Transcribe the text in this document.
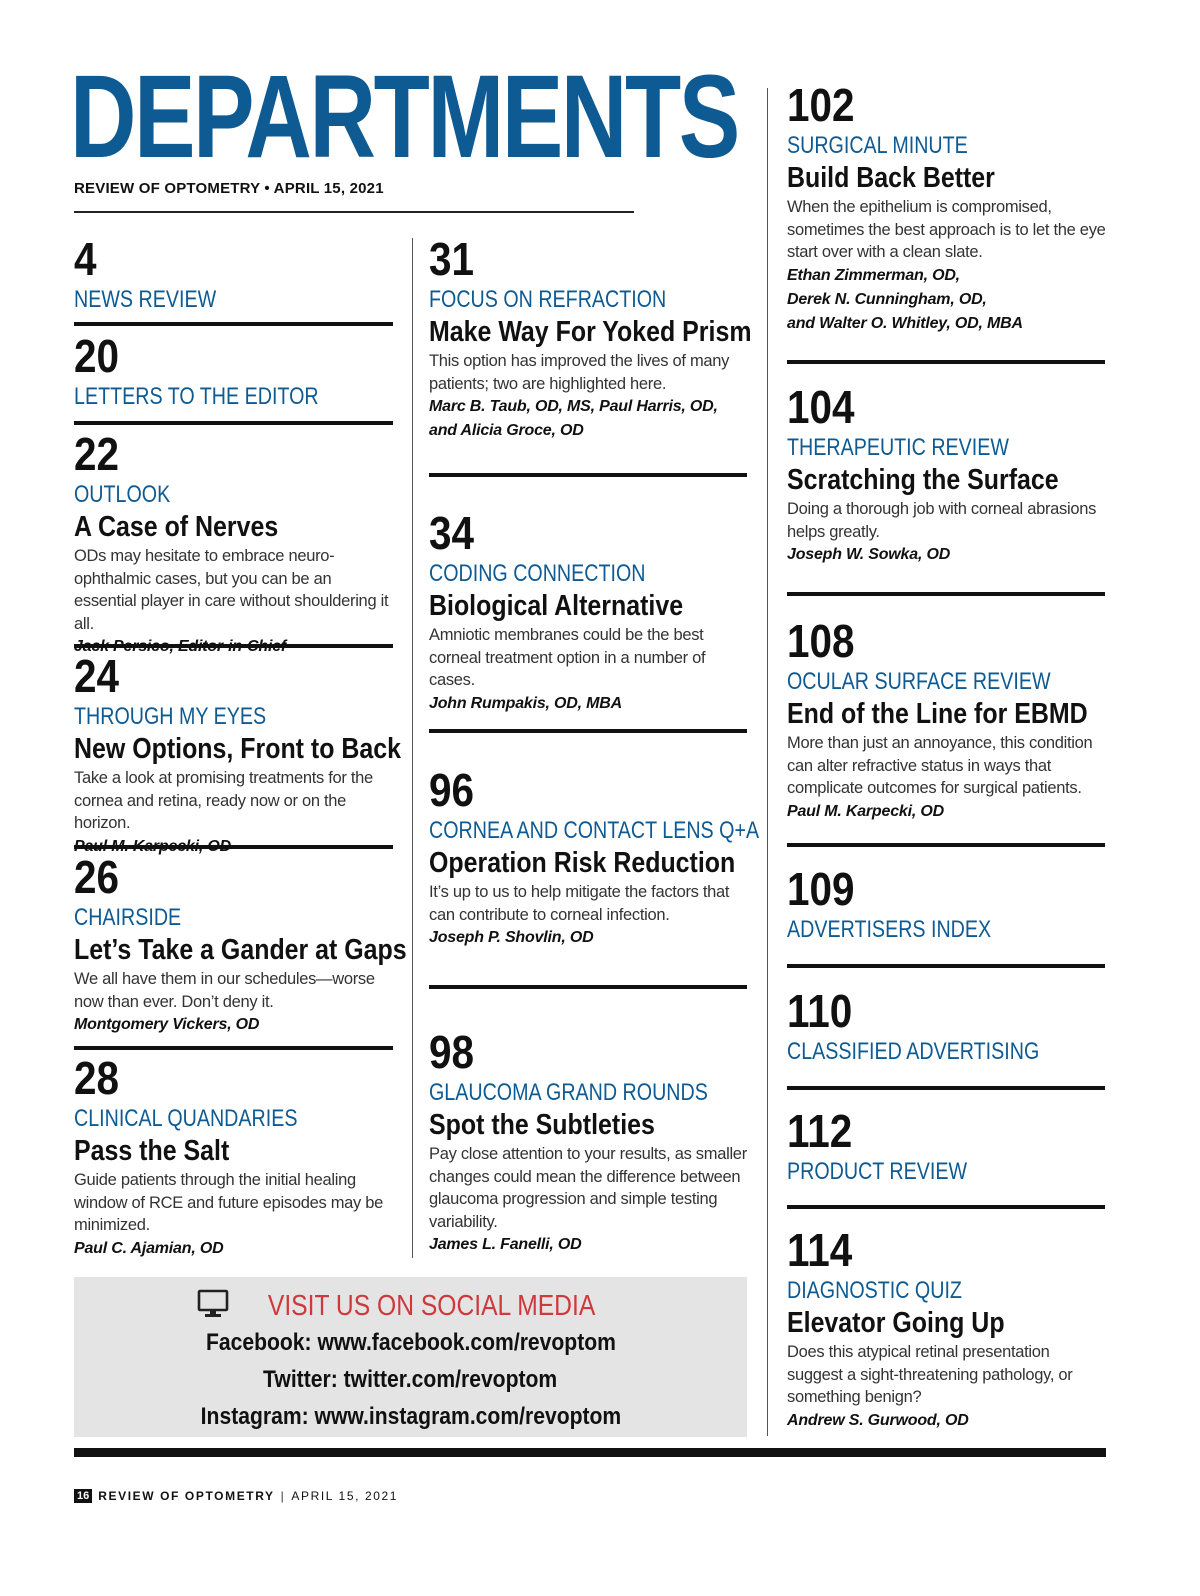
DEPARTMENTS
REVIEW OF OPTOMETRY • APRIL 15, 2021
4
NEWS REVIEW
20
LETTERS TO THE EDITOR
22
OUTLOOK
A Case of Nerves
ODs may hesitate to embrace neuro-ophthalmic cases, but you can be an essential player in care without shouldering it all.
24
THROUGH MY EYES
New Options, Front to Back
Take a look at promising treatments for the cornea and retina, ready now or on the horizon.
26
CHAIRSIDE
Let’s Take a Gander at Gaps
We all have them in our schedules—worse now than ever. Don’t deny it.
Montgomery Vickers, OD
28
CLINICAL QUANDARIES
Pass the Salt
Guide patients through the initial healing window of RCE and future episodes may be minimized.
Paul C. Ajamian, OD
31
FOCUS ON REFRACTION
Make Way For Yoked Prism
This option has improved the lives of many patients; two are highlighted here.
Marc B. Taub, OD, MS, Paul Harris, OD,
and Alicia Groce, OD
34
CODING CONNECTION
Biological Alternative
Amniotic membranes could be the best corneal treatment option in a number of cases.
John Rumpakis, OD, MBA
96
CORNEA AND CONTACT LENS Q+A
Operation Risk Reduction
It’s up to us to help mitigate the factors that can contribute to corneal infection.
Joseph P. Shovlin, OD
98
GLAUCOMA GRAND ROUNDS
Spot the Subtleties
Pay close attention to your results, as smaller changes could mean the difference between glaucoma progression and simple testing variability.
James L. Fanelli, OD
102
SURGICAL MINUTE
Build Back Better
When the epithelium is compromised, sometimes the best approach is to let the eye start over with a clean slate.
Ethan Zimmerman, OD,
Derek N. Cunningham, OD,
and Walter O. Whitley, OD, MBA
104
THERAPEUTIC REVIEW
Scratching the Surface
Doing a thorough job with corneal abrasions helps greatly.
Joseph W. Sowka, OD
108
OCULAR SURFACE REVIEW
End of the Line for EBMD
More than just an annoyance, this condition can alter refractive status in ways that complicate outcomes for surgical patients.
Paul M. Karpecki, OD
109
ADVERTISERS INDEX
110
CLASSIFIED ADVERTISING
112
PRODUCT REVIEW
114
DIAGNOSTIC QUIZ
Elevator Going Up
Does this atypical retinal presentation suggest a sight-threatening pathology, or something benign?
Andrew S. Gurwood, OD
VISIT US ON SOCIAL MEDIA
Facebook: www.facebook.com/revoptom
Twitter: twitter.com/revoptom
Instagram: www.instagram.com/revoptom
16 REVIEW OF OPTOMETRY | APRIL 15, 2021
